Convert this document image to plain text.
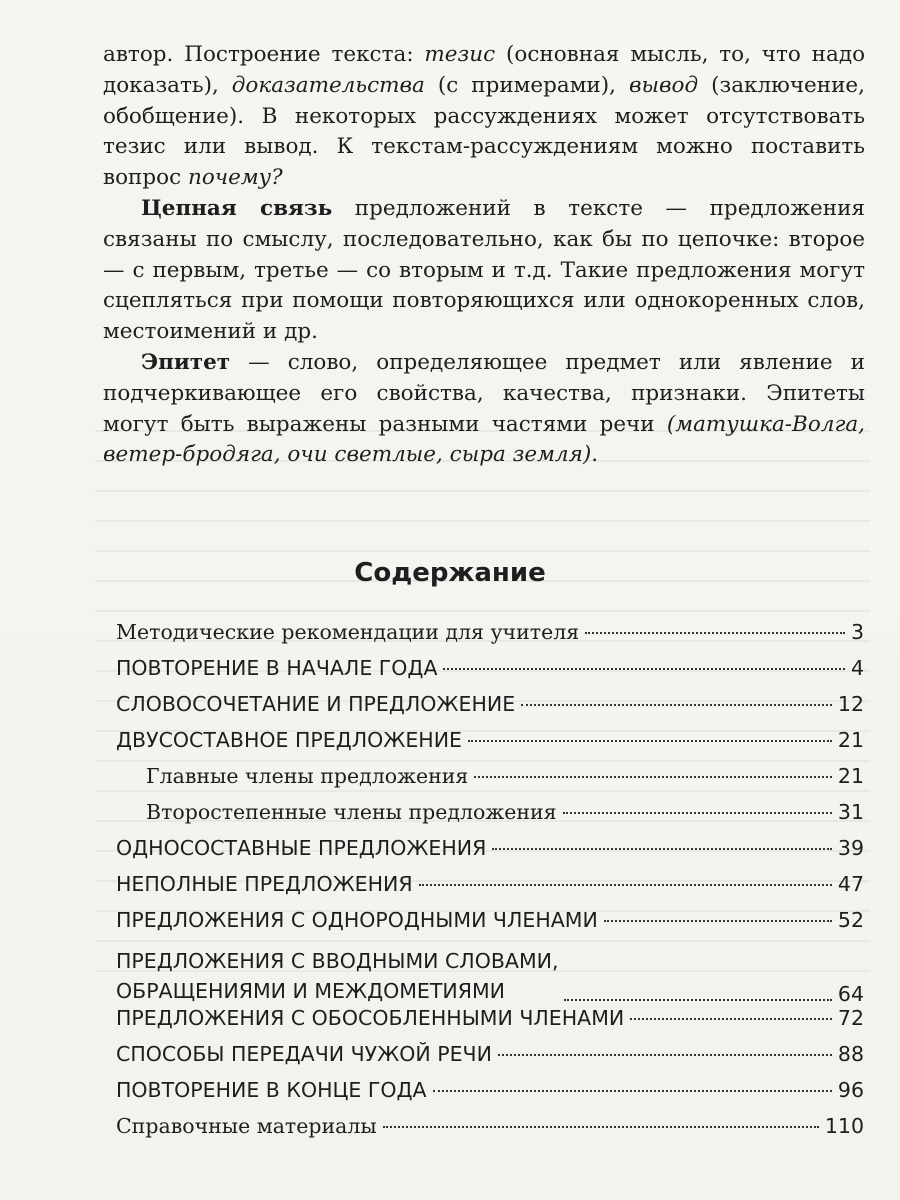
автор. Построение текста: тезис (основная мысль, то, что надо доказать), доказательства (с примерами), вывод (заключение, обобщение). В некоторых рассуждениях может отсутствовать тезис или вывод. К текстам-рассуждениям можно поставить вопрос почему?

Цепная связь предложений в тексте — предложения связаны по смыслу, последовательно, как бы по цепочке: второе — с первым, третье — со вторым и т.д. Такие предложения могут сцепляться при помощи повторяющихся или однокоренных слов, местоимений и др.

Эпитет — слово, определяющее предмет или явление и подчеркивающее его свойства, качества, признаки. Эпитеты могут быть выражены разными частями речи (матушка-Волга, ветер-бродяга, очи светлые, сыра земля).

Содержание
Методические рекомендации для учителя	3
ПОВТОРЕНИЕ В НАЧАЛЕ ГОДА	4
СЛОВОСОЧЕТАНИЕ И ПРЕДЛОЖЕНИЕ	12
ДВУСОСТАВНОЕ ПРЕДЛОЖЕНИЕ	21
Главные члены предложения	21
Второстепенные члены предложения	31
ОДНОСОСТАВНЫЕ ПРЕДЛОЖЕНИЯ	39
НЕПОЛНЫЕ ПРЕДЛОЖЕНИЯ	47
ПРЕДЛОЖЕНИЯ С ОДНОРОДНЫМИ ЧЛЕНАМИ	52
ПРЕДЛОЖЕНИЯ С ВВОДНЫМИ СЛОВАМИ,
ОБРАЩЕНИЯМИ И МЕЖДОМЕТИЯМИ	64
ПРЕДЛОЖЕНИЯ С ОБОСОБЛЕННЫМИ ЧЛЕНАМИ	72
СПОСОБЫ ПЕРЕДАЧИ ЧУЖОЙ РЕЧИ	88
ПОВТОРЕНИЕ В КОНЦЕ ГОДА	96
Справочные материалы	110
